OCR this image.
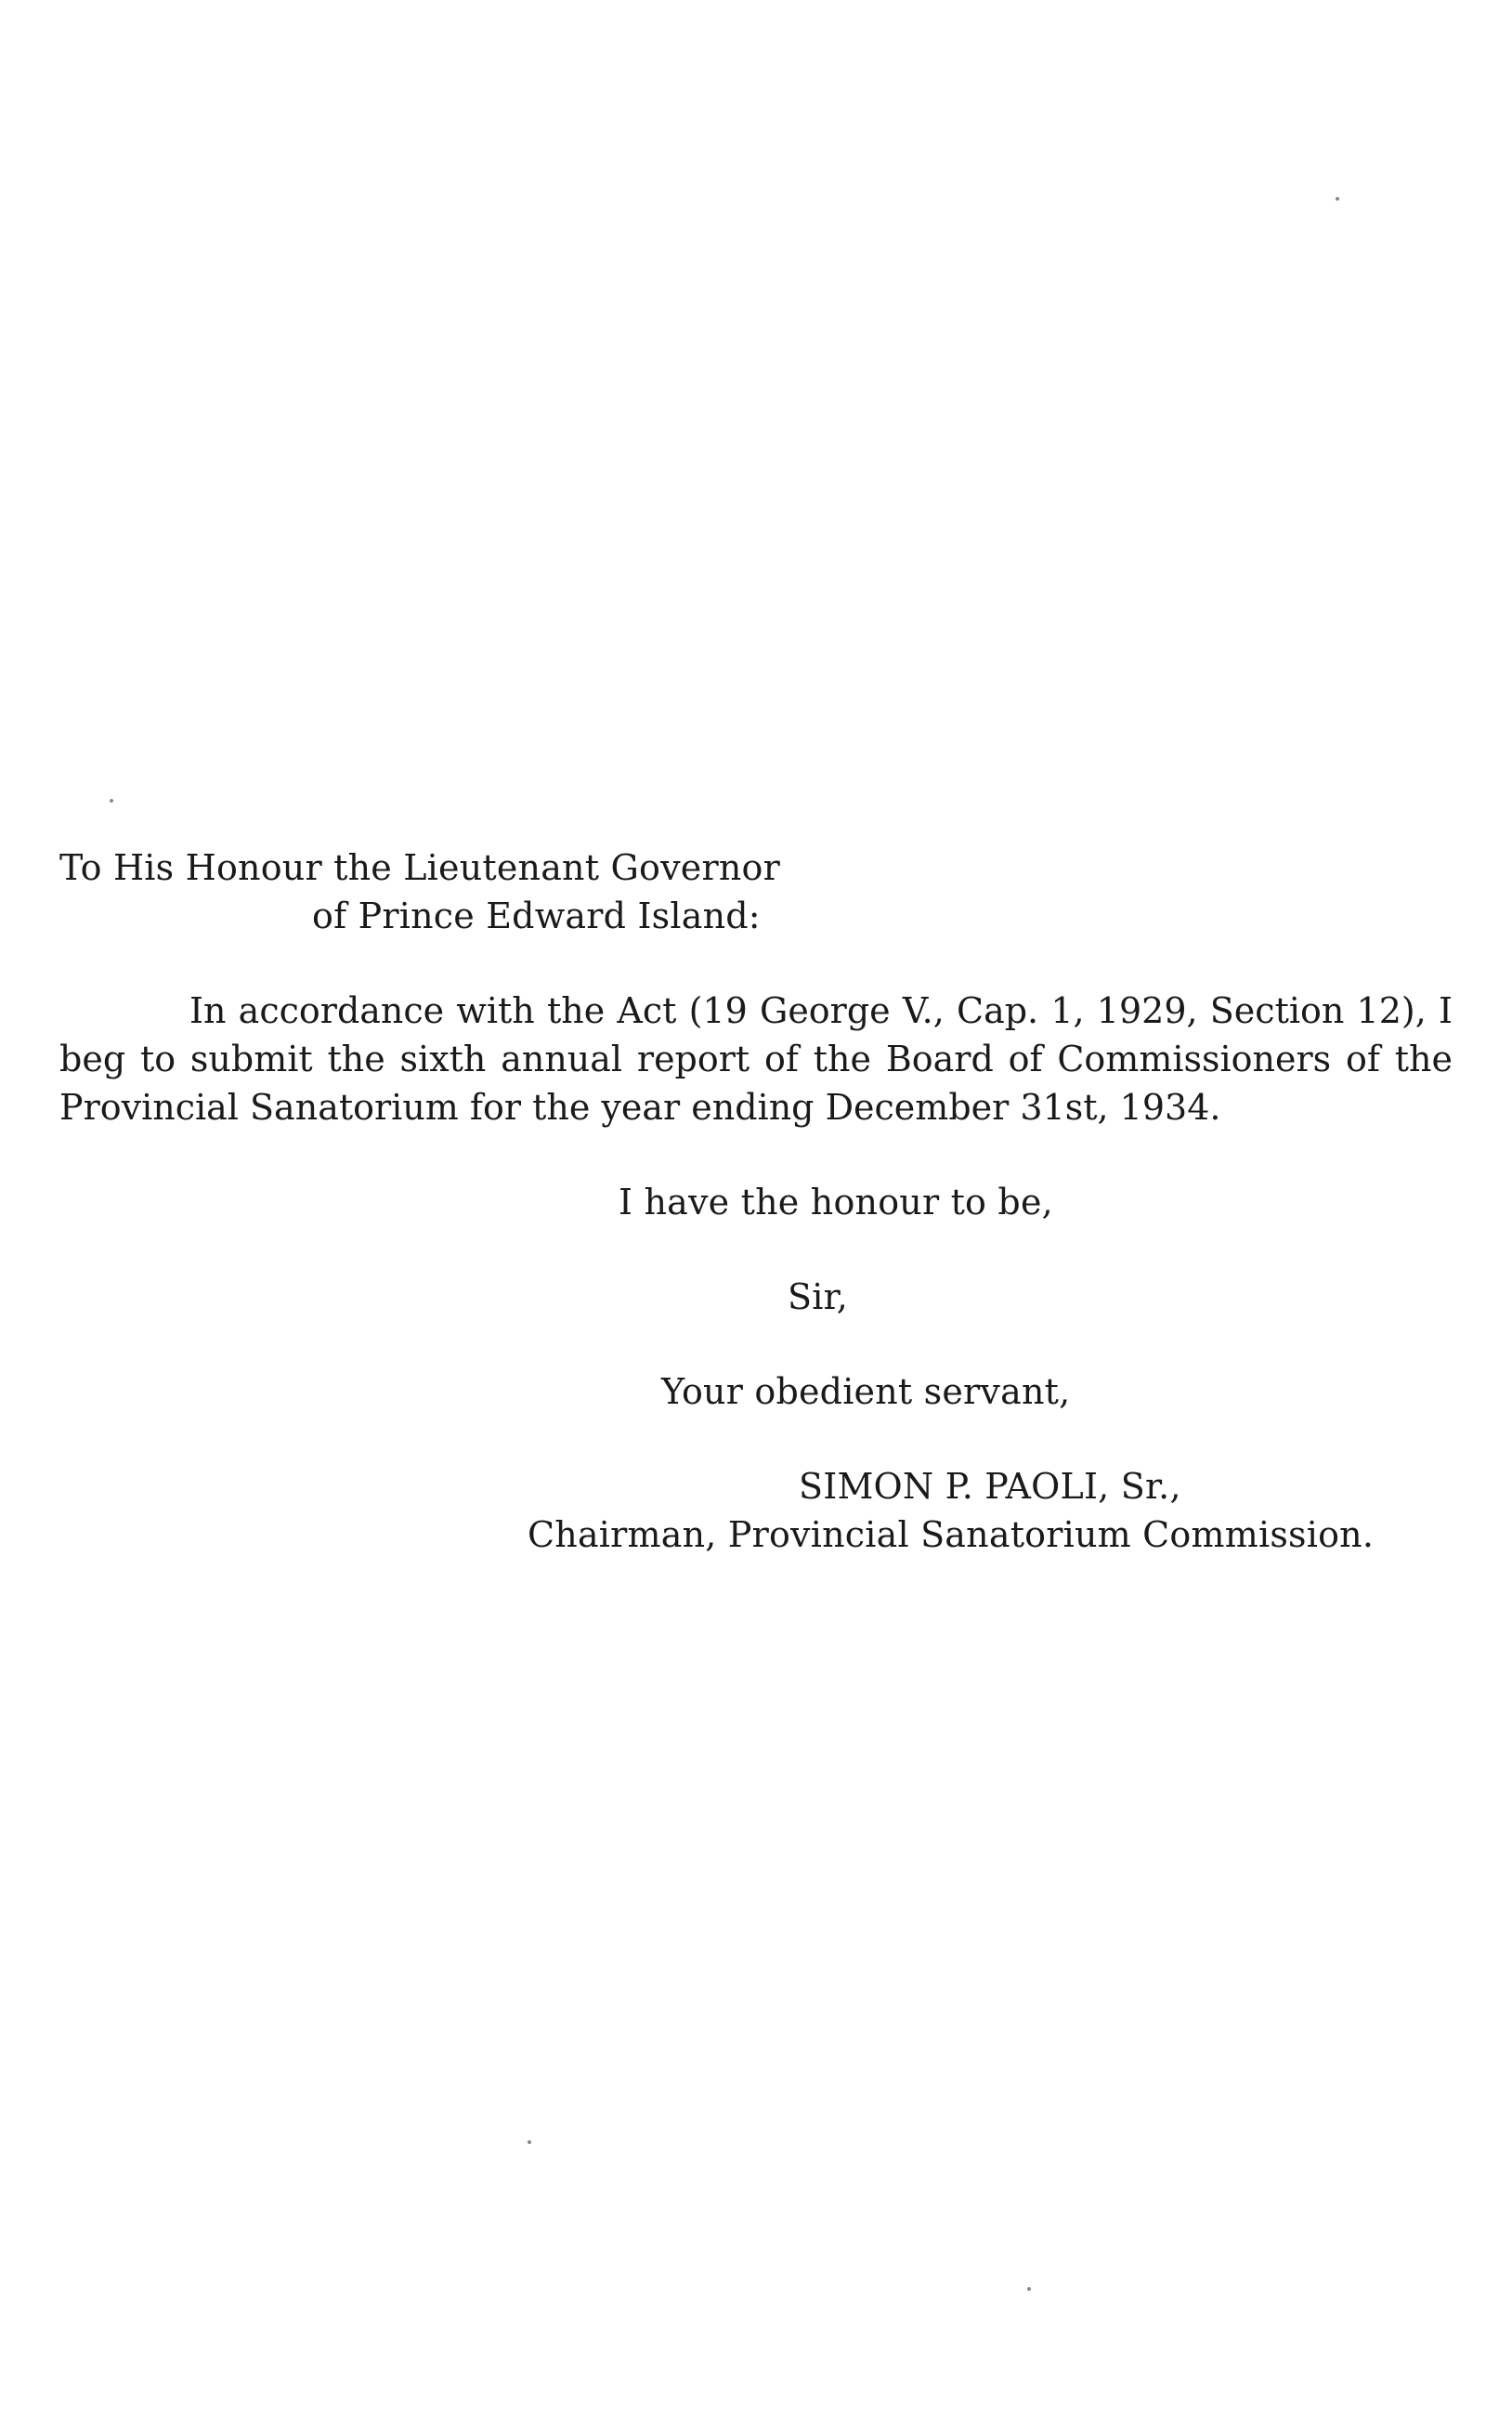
To His Honour the Lieutenant Governor
of Prince Edward Island:
In accordance with the Act (19 George V., Cap. 1, 1929, Section 12), I beg to submit the sixth annual report of the Board of Commissioners of the Provincial Sanatorium for the year ending December 31st, 1934.
I have the honour to be,
Sir,
Your obedient servant,
SIMON P. PAOLI, Sr.,
Chairman, Provincial Sanatorium Commission.
